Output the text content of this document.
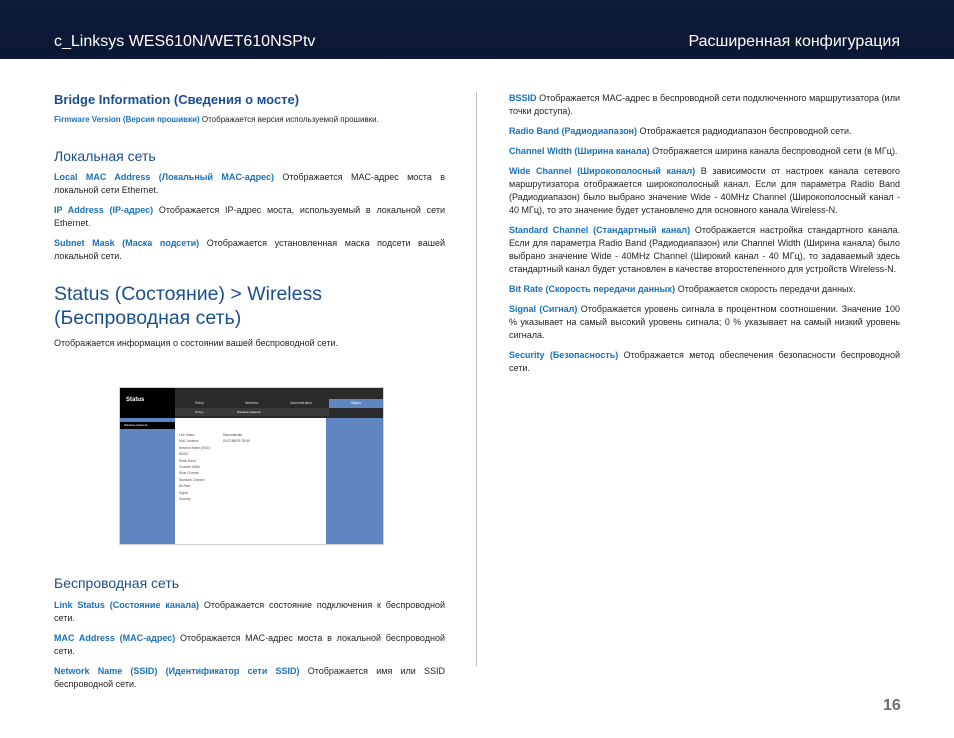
c_Linksys WES610N/WET610NSPtv	Расширенная конфигурация
Bridge Information (Сведения о мосте)

Firmware Version (Версия прошивки) Отображается версия используемой прошивки.

Локальная сеть

Local MAC Address (Локальный MAC-адрес) Отображается MAC-адрес моста в локальной сети Ethernet.

IP Address (IP-адрес) Отображается IP-адрес моста, используемый в локальной сети Ethernet.

Subnet Mask (Маска подсети) Отображается установленная маска подсети вашей локальной сети.

Status (Состояние) > Wireless
(Беспроводная сеть)

Отображается информация о состоянии вашей беспроводной сети.

Status	Setup	Wireless	Administration	Status
Bridge	Wireless Network
Wireless Network
Link Status	Disconnected
MAC Address	00:22:6B:FE:78:99
Network Name (SSID)
BSSID
Radio Band
Channel Width
Wide Channel
Standard Channel
Bit Rate
Signal
Security
Беспроводная сеть

Link Status (Состояние канала) Отображается состояние подключения к беспроводной сети.

MAC Address (MAC-адрес) Отображается MAC-адрес моста в локальной беспроводной сети.

Network Name (SSID) (Идентификатор сети SSID) Отображается имя или SSID беспроводной сети.

BSSID Отображается MAC-адрес в беспроводной сети подключенного маршрутизатора (или точки доступа).

Radio Band (Радиодиапазон) Отображается радиодиапазон беспроводной сети.

Channel Width (Ширина канала) Отображается ширина канала беспроводной сети (в МГц).

Wide Channel (Широкополосный канал) В зависимости от настроек канала сетевого маршрутизатора отображается широкополосный канал. Если для параметра Radio Band (Радиодиапазон) было выбрано значение Wide - 40MHz Channel (Широкополосный канал - 40 МГц), то это значение будет установлено для основного канала Wireless-N.

Standard Channel (Стандартный канал) Отображается настройка стандартного канала. Если для параметра Radio Band (Радиодиапазон) или Channel Width (Ширина канала) было выбрано значение Wide - 40MHz Channel (Широкий канал - 40 МГц), то задаваемый здесь стандартный канал будет установлен в качестве второстепенного для устройств Wireless-N.

Bit Rate (Скорость передачи данных) Отображается скорость передачи данных.

Signal (Сигнал) Отображается уровень сигнала в процентном соотношении. Значение 100 % указывает на самый высокий уровень сигнала; 0 % указывает на самый низкий уровень сигнала.

Security (Безопасность) Отображается метод обеспечения безопасности беспроводной сети.

16
